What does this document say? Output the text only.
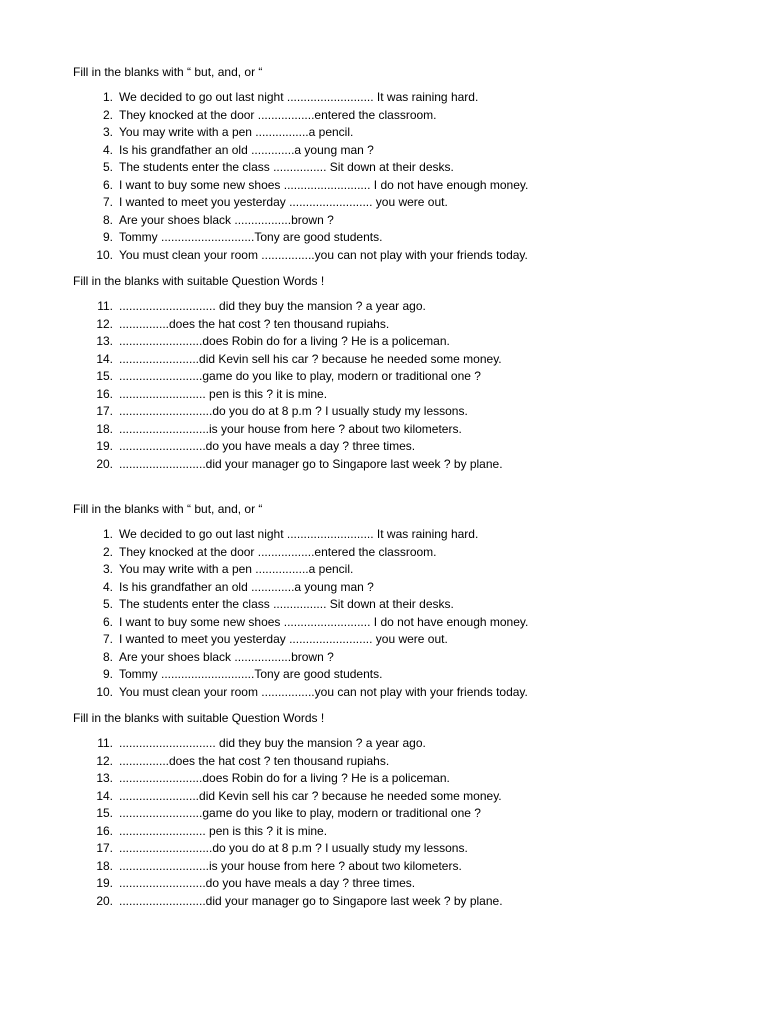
Fill in the blanks with “ but, and, or “
1. We decided to go out last night .......................... It was raining hard.
2. They knocked at the door .................entered the classroom.
3. You may write with a pen ................a pencil.
4. Is his grandfather an old .............a young man ?
5. The students enter the class ................ Sit down at their desks.
6. I want to buy some new shoes .......................... I do not have enough money.
7. I wanted to meet you yesterday ......................... you were out.
8. Are your shoes black .................brown ?
9. Tommy ............................Tony are good students.
10. You must clean your room ................you can not play with your friends today.
Fill in the blanks with suitable Question Words !
11. ............................. did they buy the mansion ? a year ago.
12. ...............does the hat cost ? ten thousand rupiahs.
13. .........................does Robin do for a living ? He is a policeman.
14. ........................did Kevin sell his car ? because he needed some money.
15. .........................game do you like to play, modern or traditional one ?
16. .......................... pen is this ? it is mine.
17. ............................do you do at 8 p.m ? I usually study my lessons.
18. ...........................is your house from here ? about two kilometers.
19. ..........................do you have meals a day ? three times.
20. ..........................did your manager go to Singapore last week ? by plane.
Fill in the blanks with “ but, and, or “
1. We decided to go out last night .......................... It was raining hard.
2. They knocked at the door .................entered the classroom.
3. You may write with a pen ................a pencil.
4. Is his grandfather an old .............a young man ?
5. The students enter the class ................ Sit down at their desks.
6. I want to buy some new shoes .......................... I do not have enough money.
7. I wanted to meet you yesterday ......................... you were out.
8. Are your shoes black .................brown ?
9. Tommy ............................Tony are good students.
10. You must clean your room ................you can not play with your friends today.
Fill in the blanks with suitable Question Words !
11. ............................. did they buy the mansion ? a year ago.
12. ...............does the hat cost ? ten thousand rupiahs.
13. .........................does Robin do for a living ? He is a policeman.
14. ........................did Kevin sell his car ? because he needed some money.
15. .........................game do you like to play, modern or traditional one ?
16. .......................... pen is this ? it is mine.
17. ............................do you do at 8 p.m ? I usually study my lessons.
18. ...........................is your house from here ? about two kilometers.
19. ..........................do you have meals a day ? three times.
20. ..........................did your manager go to Singapore last week ? by plane.
